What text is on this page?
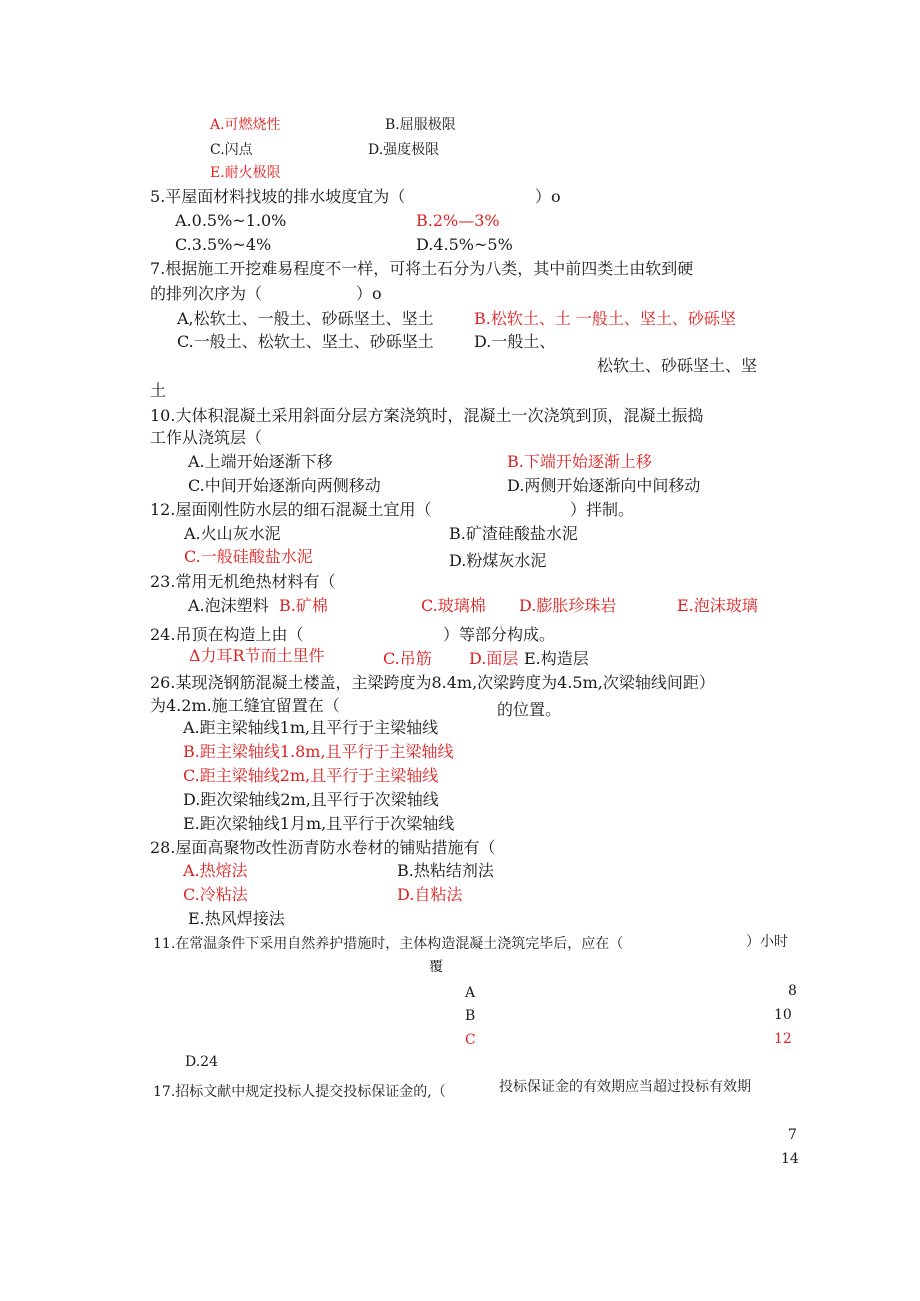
A.可燃烧性	B.屈服极限
C.闪点	D.强度极限
E.耐火极限
5.平屋面材料找坡的排水坡度宜为（	）o
A.0.5%~1.0%	B.2%—3%
C.3.5%~4%	D.4.5%~5%
7.根据施工开挖难易程度不一样，可将土石分为八类，其中前四类土由软到硬
的排列次序为（	）o
A,松软土、一般土、砂砾坚土、坚土	B.松软土、土 一般土、坚土、砂砾坚
C.一般土、松软土、坚土、砂砾坚土	D.一般土、
松软土、砂砾坚土、坚
土
10.大体积混凝土采用斜面分层方案浇筑时，混凝土一次浇筑到顶，混凝土振捣
工作从浇筑层（
A.上端开始逐渐下移	B.下端开始逐渐上移
C.中间开始逐渐向两侧移动	D.两侧开始逐渐向中间移动
12.屋面刚性防水层的细石混凝土宜用（	）拌制。
A.火山灰水泥	B.矿渣硅酸盐水泥
C.一般硅酸盐水泥	D.粉煤灰水泥
23.常用无机绝热材料有（
A.泡沫塑料 B.矿棉	C.玻璃棉 D.膨胀珍珠岩	E.泡沫玻璃
24.吊顶在构造上由（	）等部分构成。
Δ力耳R节而土里件	C.吊筋 D.面层 E.构造层
26.某现浇钢筋混凝土楼盖，主梁跨度为8.4m,次梁跨度为4.5m,次梁轴线间距）
为4.2m.施工缝宜留置在（	的位置。
A.距主梁轴线1m,且平行于主梁轴线
B.距主梁轴线1.8m,且平行于主梁轴线
C.距主梁轴线2m,且平行于主梁轴线
D.距次梁轴线2m,且平行于次梁轴线
E.距次梁轴线1月m,且平行于次梁轴线
28.屋面高聚物改性沥青防水卷材的铺贴措施有（
A.热熔法	B.热粘结剂法
C.冷粘法	D.自粘法
E.热风焊接法
11.在常温条件下采用自然养护措施时，主体构造混凝土浇筑完毕后，应在（	）小时
覆
A	8
B	10
C	12
D.24
17.招标文献中规定投标人提交投标保证金的,（	投标保证金的有效期应当超过投标有效期
7
14
